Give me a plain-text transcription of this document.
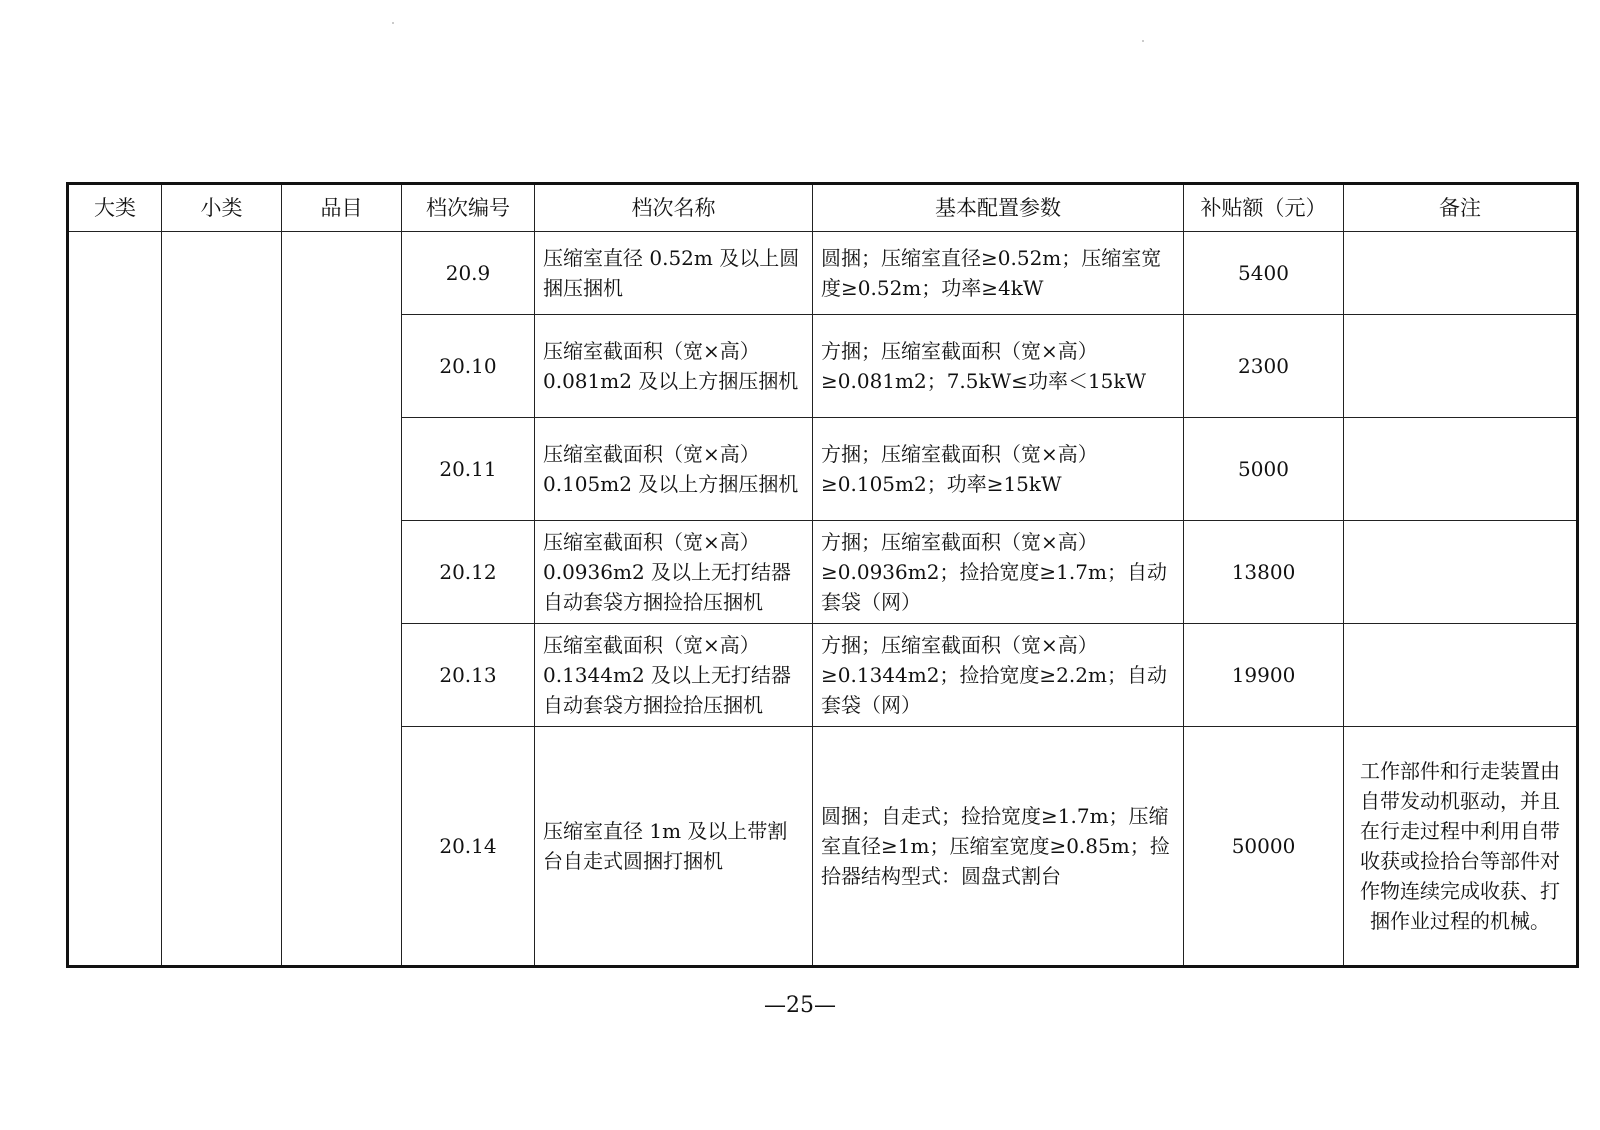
大类	小类	品目	档次编号	档次名称	基本配置参数	补贴额（元）	备注
			20.9	压缩室直径 0.52m 及以上圆捆压捆机	圆捆；压缩室直径≥0.52m；压缩室宽度≥0.52m；功率≥4kW	5400	
			20.10	压缩室截面积（宽×高）0.081m2 及以上方捆压捆机	方捆；压缩室截面积（宽×高）≥0.081m2；7.5kW≤功率＜15kW	2300	
			20.11	压缩室截面积（宽×高）0.105m2 及以上方捆压捆机	方捆；压缩室截面积（宽×高）≥0.105m2；功率≥15kW	5000	
			20.12	压缩室截面积（宽×高）0.0936m2 及以上无打结器自动套袋方捆捡拾压捆机	方捆；压缩室截面积（宽×高）≥0.0936m2；捡拾宽度≥1.7m；自动套袋（网）	13800	
			20.13	压缩室截面积（宽×高）0.1344m2 及以上无打结器自动套袋方捆捡拾压捆机	方捆；压缩室截面积（宽×高）≥0.1344m2；捡拾宽度≥2.2m；自动套袋（网）	19900	
			20.14	压缩室直径 1m 及以上带割台自走式圆捆打捆机	圆捆；自走式；捡拾宽度≥1.7m；压缩室直径≥1m；压缩室宽度≥0.85m；捡拾器结构型式：圆盘式割台	50000	工作部件和行走装置由自带发动机驱动，并且在行走过程中利用自带收获或捡拾台等部件对作物连续完成收获、打捆作业过程的机械。
—25—
